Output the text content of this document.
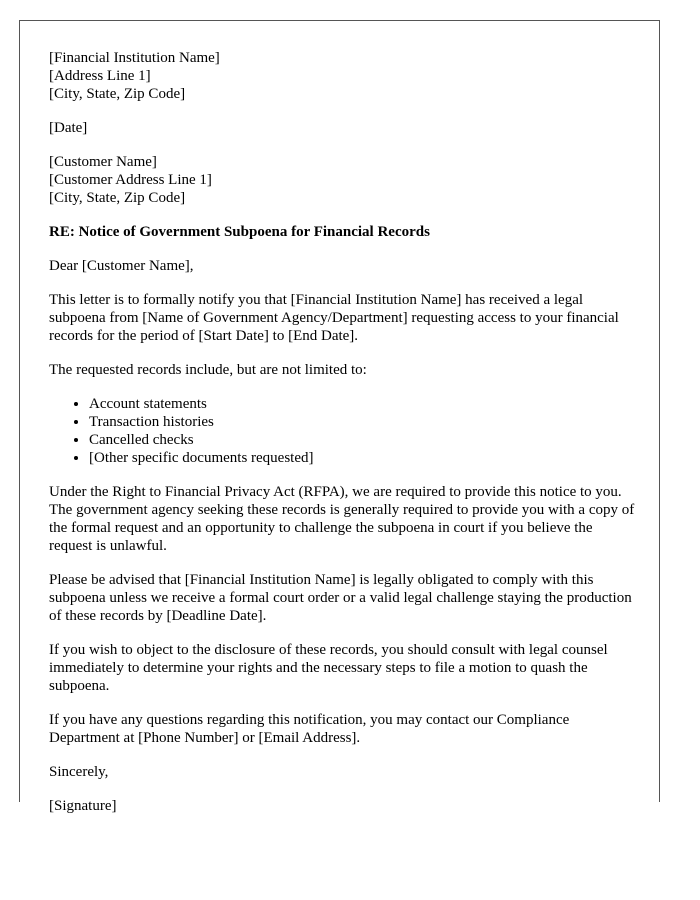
[Financial Institution Name]
[Address Line 1]
[City, State, Zip Code]

[Date]

[Customer Name]
[Customer Address Line 1]
[City, State, Zip Code]

RE: Notice of Government Subpoena for Financial Records

Dear [Customer Name],

This letter is to formally notify you that [Financial Institution Name] has received a legal subpoena from [Name of Government Agency/Department] requesting access to your financial records for the period of [Start Date] to [End Date].

The requested records include, but are not limited to:

• Account statements
• Transaction histories
• Cancelled checks
• [Other specific documents requested]

Under the Right to Financial Privacy Act (RFPA), we are required to provide this notice to you. The government agency seeking these records is generally required to provide you with a copy of the formal request and an opportunity to challenge the subpoena in court if you believe the request is unlawful.

Please be advised that [Financial Institution Name] is legally obligated to comply with this subpoena unless we receive a formal court order or a valid legal challenge staying the production of these records by [Deadline Date].

If you wish to object to the disclosure of these records, you should consult with legal counsel immediately to determine your rights and the necessary steps to file a motion to quash the subpoena.

If you have any questions regarding this notification, you may contact our Compliance Department at [Phone Number] or [Email Address].

Sincerely,

[Signature]
